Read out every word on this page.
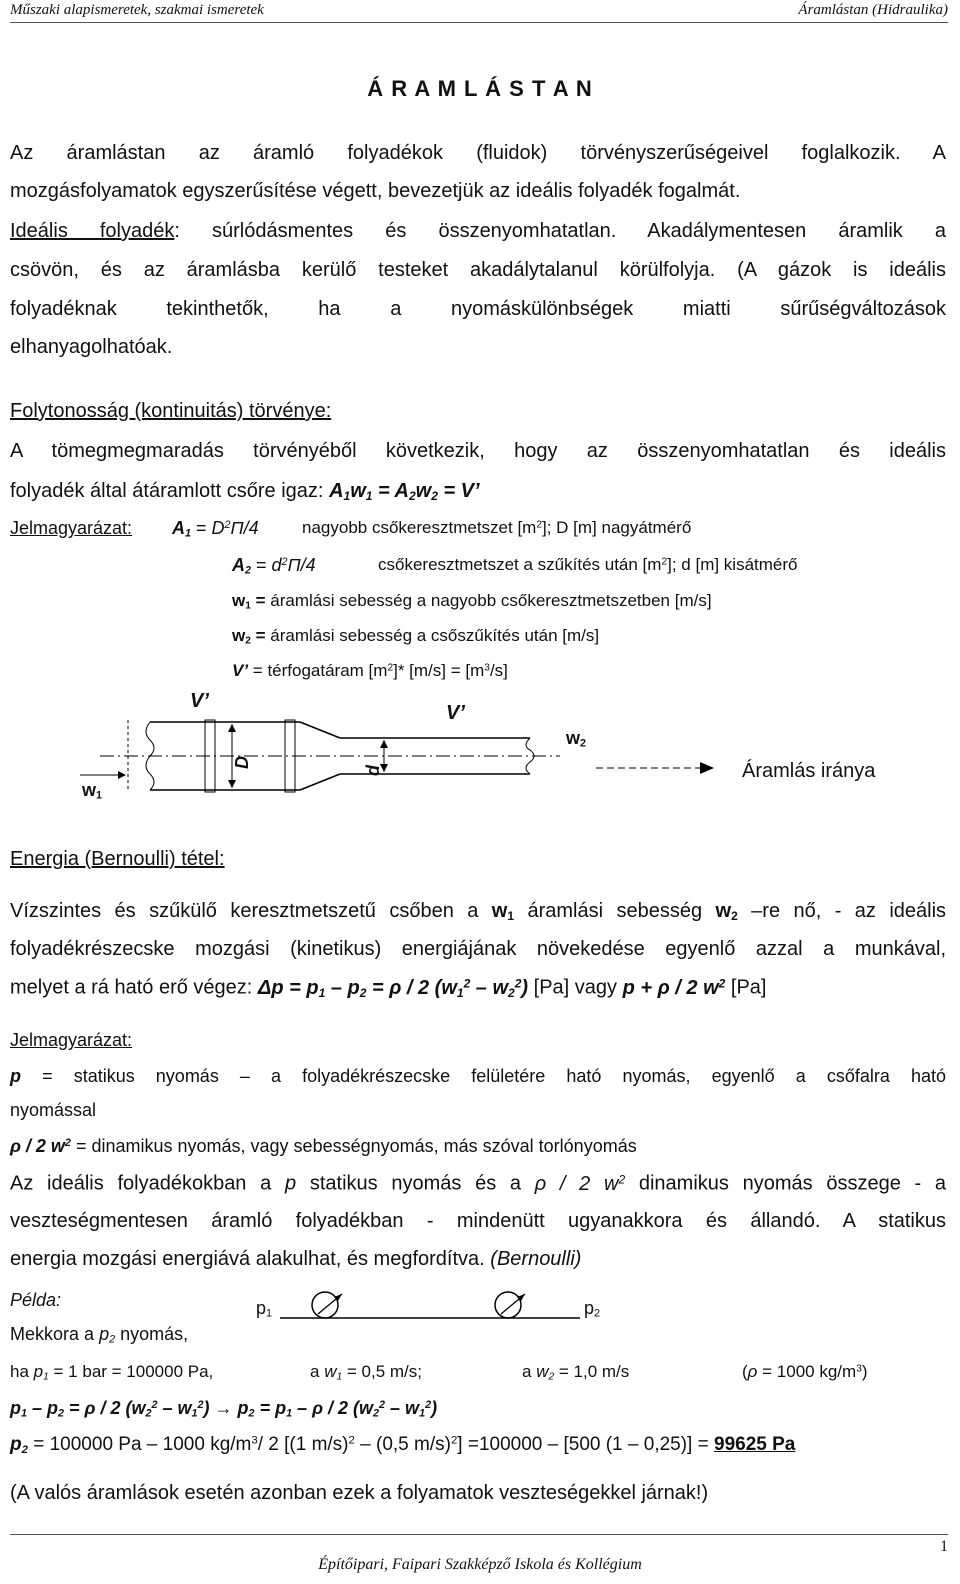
Műszaki alapismeretek, szakmai ismeretek	Áramlástan (Hidraulika)
Á R A M L Á S T A N
Az áramlástan az áramló folyadékok (fluidok) törvényszerűségeivel foglalkozik. A
mozgásfolyamatok egyszerűsítése végett, bevezetjük az ideális folyadék fogalmát.
Ideális folyadék: súrlódásmentes és összenyomhatatlan. Akadálymentesen áramlik a
csövön, és az áramlásba kerülő testeket akadálytalanul körülfolyja. (A gázok is ideális
folyadéknak tekinthetők, ha a nyomáskülönbségek miatti sűrűségváltozások
elhanyagolhatóak.
Folytonosság (kontinuitás) törvénye:
A tömegmegmaradás törvényéből következik, hogy az összenyomhatatlan és ideális
folyadék által átáramlott csőre igaz: $A_1w_1 = A_2w_2 = V$’
Jelmagyarázat: $A_1 = D^2\Pi/4$	nagyobb csőkeresztmetszet $[m^2]$; D [m] nagyátmérő
$A_2 = d^2\Pi/4$	csőkeresztmetszet a szűkítés után $[m^2]$; d [m] kisátmérő
$w_1$ = áramlási sebesség a nagyobb csőkeresztmetszetben [m/s]
$w_2$ = áramlási sebesség a csőszűkítés után [m/s]
V’ = térfogatáram $[m^2]*$ $[m/s] = [m^3/s]$
V’
V’
$w_1$
$w_2$
D
d	Áramlás iránya
Energia (Bernoulli) tétel:
Vízszintes és szűkülő keresztmetszetű csőben a $w_1$ áramlási sebesség $w_2$ –re nő, - az ideális
folyadékrészecske mozgási (kinetikus) energiájának növekedése egyenlő azzal a munkával,
melyet a rá ható erő végez: $\Delta p = p_1 - p_2 = \rho / 2$ $(w_1^2 - w_2^2)$ [Pa] vagy p + ρ / 2 $w^2$ [Pa]
Jelmagyarázat:
p = statikus nyomás – a folyadékrészecske felületére ható nyomás, egyenlő a csőfalra ható
nyomással
ρ / 2 $w^2$ = dinamikus nyomás, vagy sebességnyomás, más szóval torlónyomás
Az ideális folyadékokban a p statikus nyomás és a ρ / 2 $w^2$ dinamikus nyomás összege - a
veszteségmentesen áramló folyadékban - mindenütt ugyanakkora és állandó. A statikus
energia mozgási energiává alakulhat, és megfordítva. (Bernoulli)
Példa:
Mekkora a $p_2$ nyomás,
$p_1$	$p_2$
ha $p_1 = 1$ bar = 100000 Pa,	a $w_1 = 0,5$ m/s;	a $w_2 = 1,0$ m/s	(ρ = 1000 $kg/m^3$)
$p_1 - p_2 = \rho / 2$ $(w_2^2 - w_1^2) \to p_2 = p_1 - \rho / 2$ $(w_2^2 - w_1^2)$
$p_2 = 100000$ Pa – 1000 $kg/m^3/$ 2 [(1 m/s)$^2$ – (0,5 m/s)$^2$] =100000 – [500 (1 – 0,25)] = 99625 Pa
(A valós áramlások esetén azonban ezek a folyamatok veszteségekkel járnak!)
Építőipari, Faipari Szakképző Iskola és Kollégium
1
